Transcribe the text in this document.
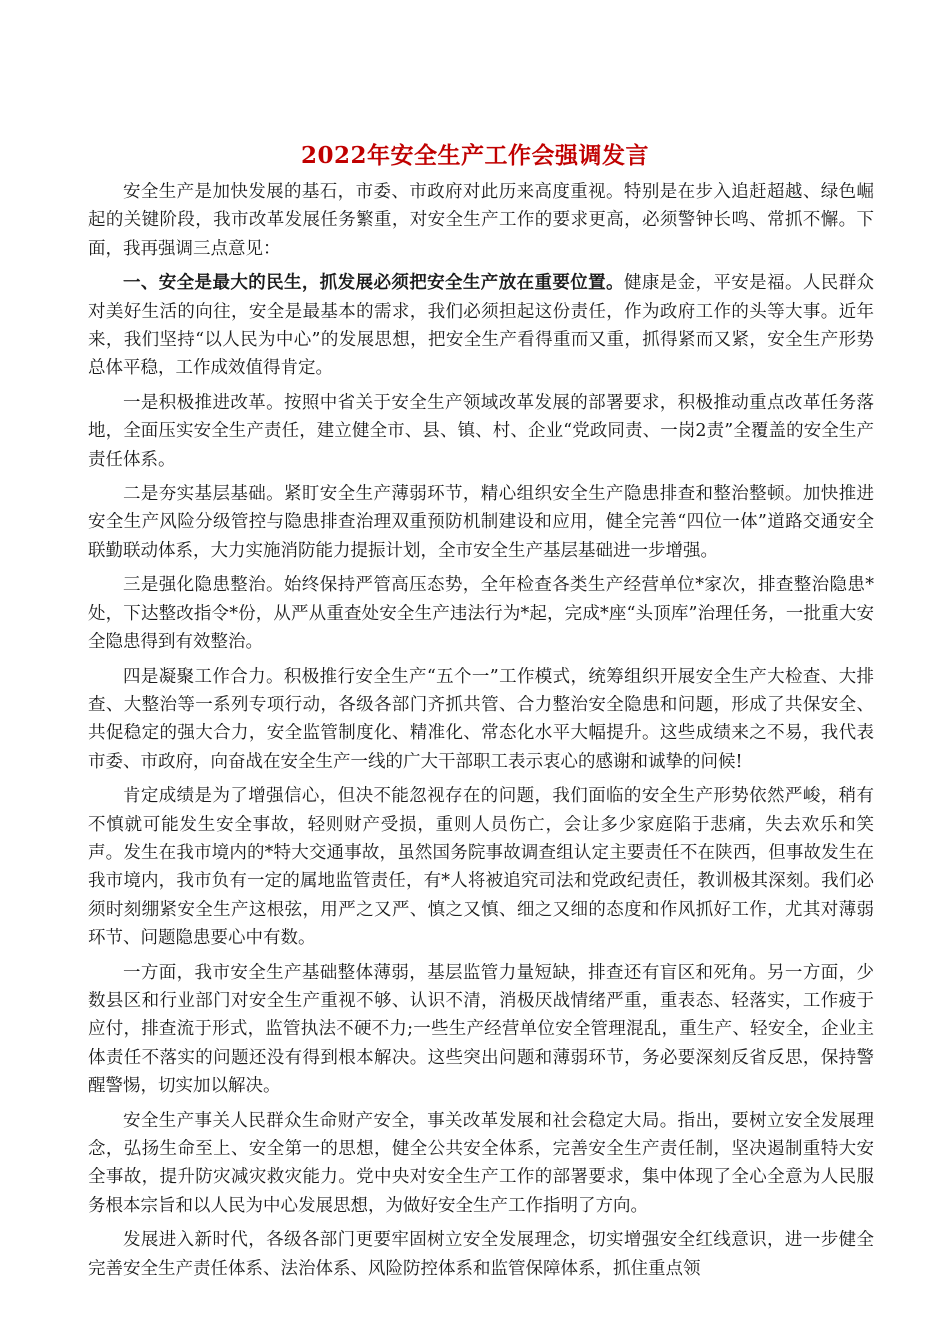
2022年安全生产工作会强调发言

安全生产是加快发展的基石，市委、市政府对此历来高度重视。特别是在步入追赶超越、绿色崛起的关键阶段，我市改革发展任务繁重，对安全生产工作的要求更高，必须警钟长鸣、常抓不懈。下面，我再强调三点意见：

一、安全是最大的民生，抓发展必须把安全生产放在重要位置。健康是金，平安是福。人民群众对美好生活的向往，安全是最基本的需求，我们必须担起这份责任，作为政府工作的头等大事。近年来，我们坚持“以人民为中心”的发展思想，把安全生产看得重而又重，抓得紧而又紧，安全生产形势总体平稳，工作成效值得肯定。

一是积极推进改革。按照中省关于安全生产领域改革发展的部署要求，积极推动重点改革任务落地，全面压实安全生产责任，建立健全市、县、镇、村、企业“党政同责、一岗2责”全覆盖的安全生产责任体系。

二是夯实基层基础。紧盯安全生产薄弱环节，精心组织安全生产隐患排查和整治整顿。加快推进安全生产风险分级管控与隐患排查治理双重预防机制建设和应用，健全完善“四位一体”道路交通安全联勤联动体系，大力实施消防能力提振计划，全市安全生产基层基础进一步增强。

三是强化隐患整治。始终保持严管高压态势，全年检查各类生产经营单位*家次，排查整治隐患*处，下达整改指令*份，从严从重查处安全生产违法行为*起，完成*座“头顶库”治理任务，一批重大安全隐患得到有效整治。

四是凝聚工作合力。积极推行安全生产“五个一”工作模式，统筹组织开展安全生产大检查、大排查、大整治等一系列专项行动，各级各部门齐抓共管、合力整治安全隐患和问题，形成了共保安全、共促稳定的强大合力，安全监管制度化、精准化、常态化水平大幅提升。这些成绩来之不易，我代表市委、市政府，向奋战在安全生产一线的广大干部职工表示衷心的感谢和诚挚的问候!

肯定成绩是为了增强信心，但决不能忽视存在的问题，我们面临的安全生产形势依然严峻，稍有不慎就可能发生安全事故，轻则财产受损，重则人员伤亡，会让多少家庭陷于悲痛，失去欢乐和笑声。发生在我市境内的*特大交通事故，虽然国务院事故调查组认定主要责任不在陕西，但事故发生在我市境内，我市负有一定的属地监管责任，有*人将被追究司法和党政纪责任，教训极其深刻。我们必须时刻绷紧安全生产这根弦，用严之又严、慎之又慎、细之又细的态度和作风抓好工作，尤其对薄弱环节、问题隐患要心中有数。

一方面，我市安全生产基础整体薄弱，基层监管力量短缺，排查还有盲区和死角。另一方面，少数县区和行业部门对安全生产重视不够、认识不清，消极厌战情绪严重，重表态、轻落实，工作疲于应付，排查流于形式，监管执法不硬不力;一些生产经营单位安全管理混乱，重生产、轻安全，企业主体责任不落实的问题还没有得到根本解决。这些突出问题和薄弱环节，务必要深刻反省反思，保持警醒警惕，切实加以解决。

安全生产事关人民群众生命财产安全，事关改革发展和社会稳定大局。指出，要树立安全发展理念，弘扬生命至上、安全第一的思想，健全公共安全体系，完善安全生产责任制，坚决遏制重特大安全事故，提升防灾减灾救灾能力。党中央对安全生产工作的部署要求，集中体现了全心全意为人民服务根本宗旨和以人民为中心发展思想，为做好安全生产工作指明了方向。

发展进入新时代，各级各部门更要牢固树立安全发展理念，切实增强安全红线意识，进一步健全完善安全生产责任体系、法治体系、风险防控体系和监管保障体系，抓住重点领
